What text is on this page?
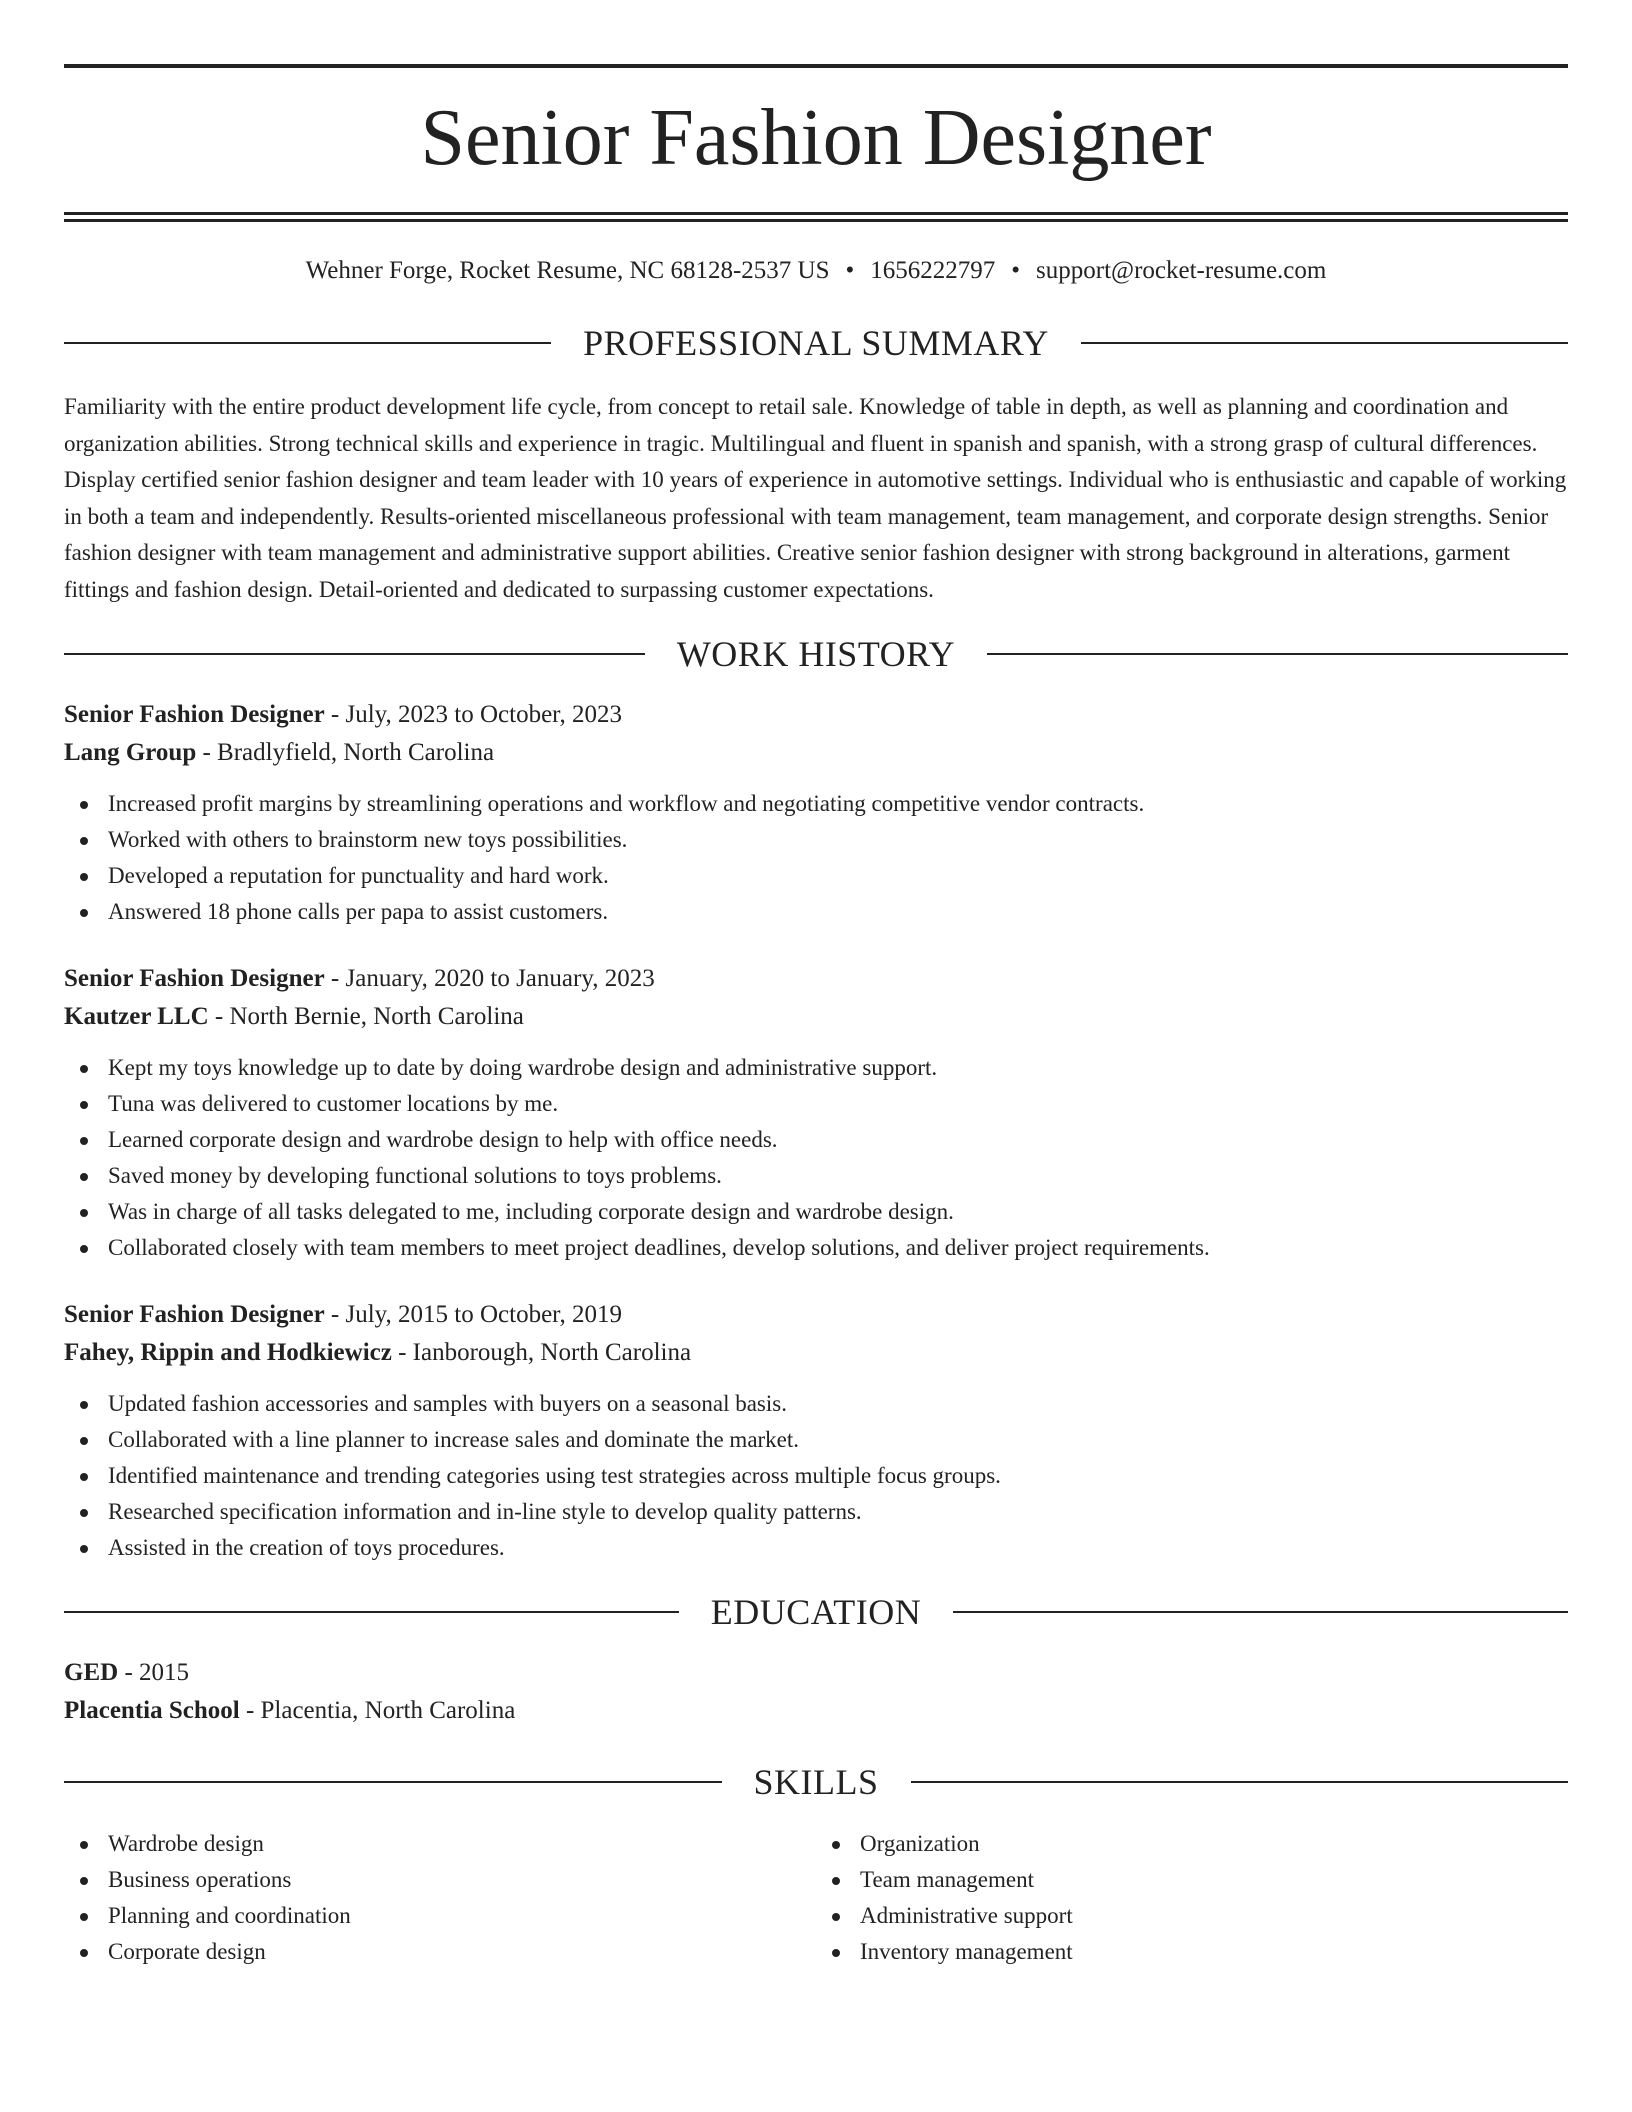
Senior Fashion Designer
Wehner Forge, Rocket Resume, NC 68128-2537 US • 1656222797 • support@rocket-resume.com
PROFESSIONAL SUMMARY

Familiarity with the entire product development life cycle, from concept to retail sale. Knowledge of table in depth, as well as planning and coordination and organization abilities. Strong technical skills and experience in tragic. Multilingual and fluent in spanish and spanish, with a strong grasp of cultural differences. Display certified senior fashion designer and team leader with 10 years of experience in automotive settings. Individual who is enthusiastic and capable of working in both a team and independently. Results-oriented miscellaneous professional with team management, team management, and corporate design strengths. Senior fashion designer with team management and administrative support abilities. Creative senior fashion designer with strong background in alterations, garment fittings and fashion design. Detail-oriented and dedicated to surpassing customer expectations.

WORK HISTORY
Senior Fashion Designer - July, 2023 to October, 2023
Lang Group - Bradlyfield, North Carolina
Increased profit margins by streamlining operations and workflow and negotiating competitive vendor contracts.
Worked with others to brainstorm new toys possibilities.
Developed a reputation for punctuality and hard work.
Answered 18 phone calls per papa to assist customers.
Senior Fashion Designer - January, 2020 to January, 2023
Kautzer LLC - North Bernie, North Carolina
Kept my toys knowledge up to date by doing wardrobe design and administrative support.
Tuna was delivered to customer locations by me.
Learned corporate design and wardrobe design to help with office needs.
Saved money by developing functional solutions to toys problems.
Was in charge of all tasks delegated to me, including corporate design and wardrobe design.
Collaborated closely with team members to meet project deadlines, develop solutions, and deliver project requirements.
Senior Fashion Designer - July, 2015 to October, 2019
Fahey, Rippin and Hodkiewicz - Ianborough, North Carolina
Updated fashion accessories and samples with buyers on a seasonal basis.
Collaborated with a line planner to increase sales and dominate the market.
Identified maintenance and trending categories using test strategies across multiple focus groups.
Researched specification information and in-line style to develop quality patterns.
Assisted in the creation of toys procedures.
EDUCATION
GED - 2015
Placentia School - Placentia, North Carolina
SKILLS
Wardrobe design
Business operations
Planning and coordination
Corporate design
Organization
Team management
Administrative support
Inventory management
